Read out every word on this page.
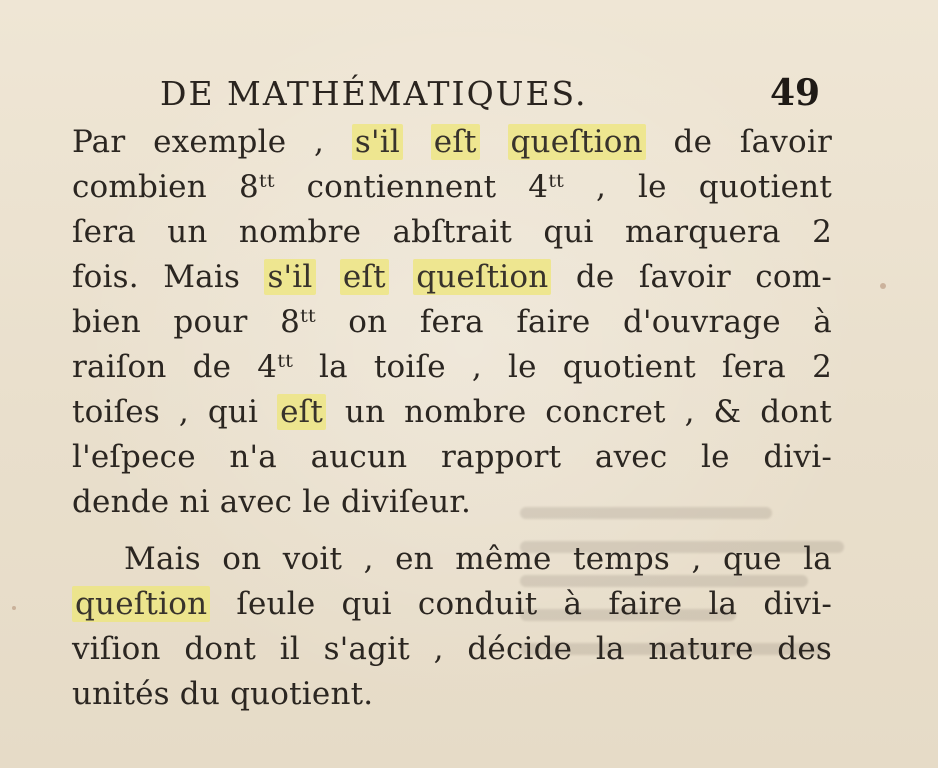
DE MATHÉMATIQUES.	49
Par exemple , s'il eſt queſtion de ſavoir
combien 8ᵗᵗ contiennent 4ᵗᵗ , le quotient
ſera un nombre abſtrait qui marquera 2
fois. Mais s'il eſt queſtion de ſavoir com-
bien pour 8ᵗᵗ on fera faire d'ouvrage à
raiſon de 4ᵗᵗ la toiſe , le quotient ſera 2
toiſes , qui eſt un nombre concret , & dont
l'eſpece n'a aucun rapport avec le divi-
dende ni avec le diviſeur.
Mais on voit , en même temps , que la
queſtion ſeule qui conduit à faire la divi-
viſion dont il s'agit , décide la nature des
unités du quotient.
